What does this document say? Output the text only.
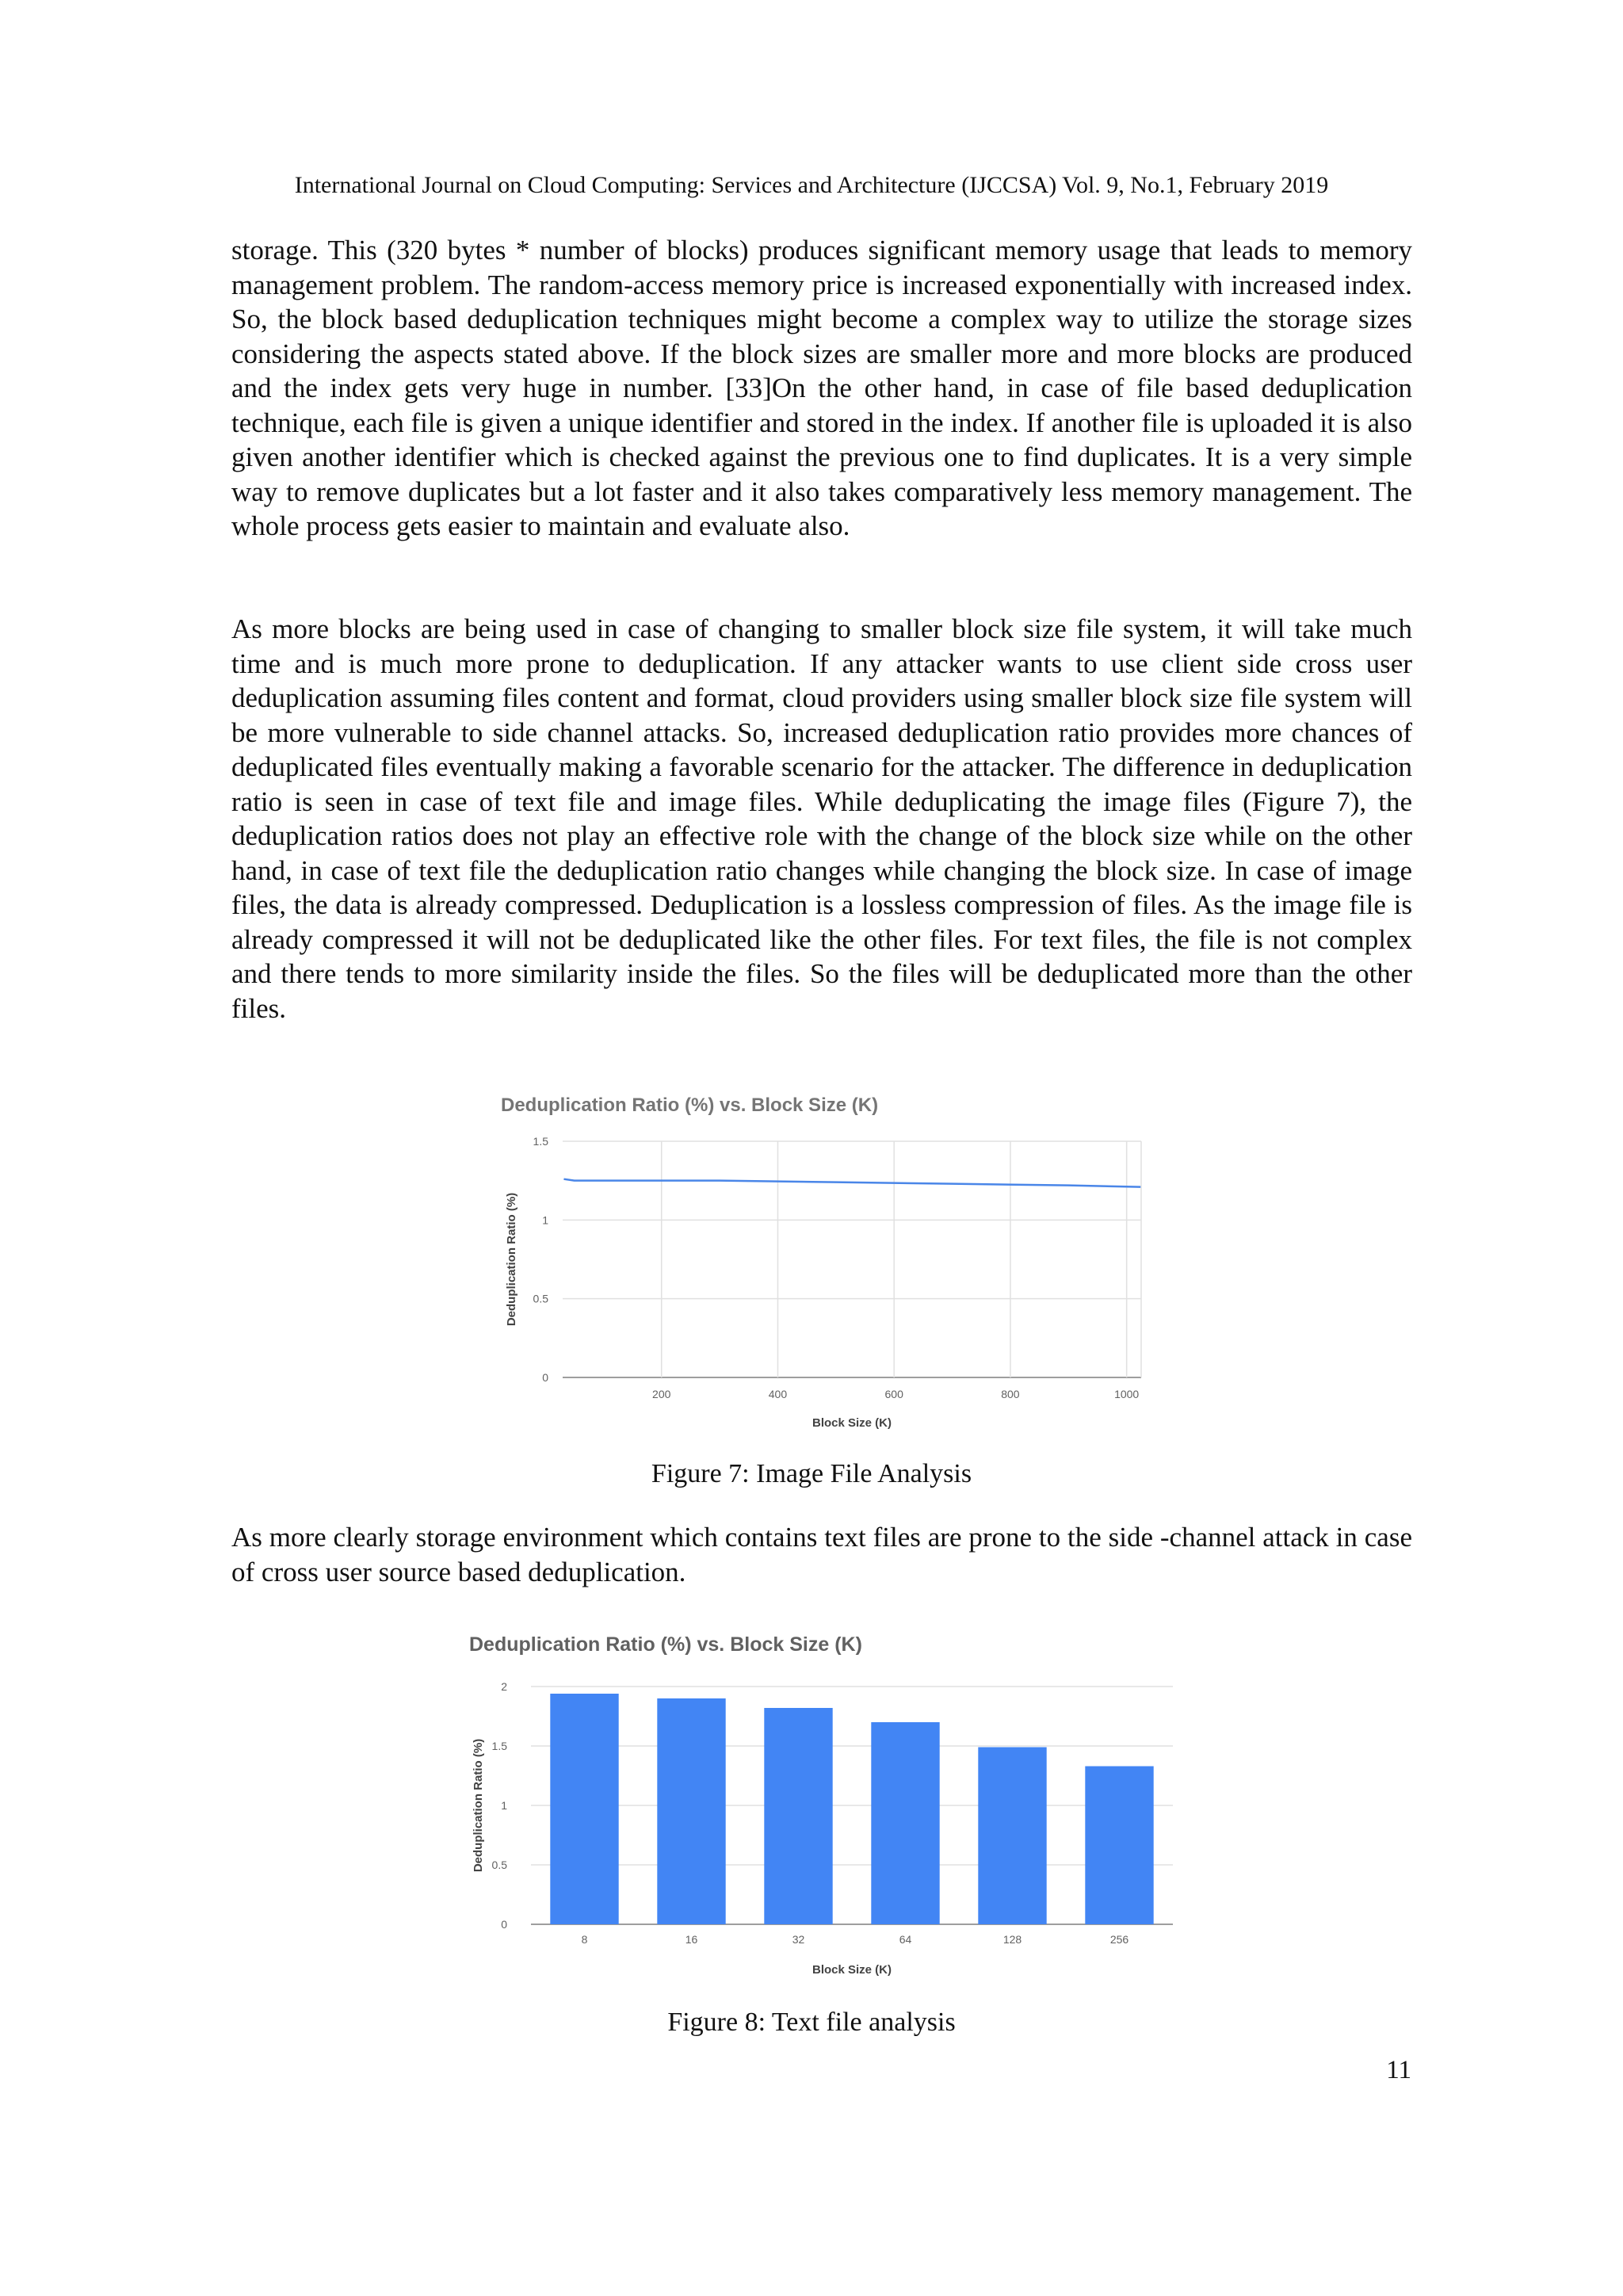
International Journal on Cloud Computing: Services and Architecture (IJCCSA) Vol. 9, No.1, February 2019

storage. This (320 bytes * number of blocks) produces significant memory usage that leads to memory management problem. The random-access memory price is increased exponentially with increased index. So, the block based deduplication techniques might become a complex way to utilize the storage sizes considering the aspects stated above. If the block sizes are smaller more and more blocks are produced and the index gets very huge in number. [33]On the other hand, in case of file based deduplication technique, each file is given a unique identifier and stored in the index. If another file is uploaded it is also given another identifier which is checked against the previous one to find duplicates. It is a very simple way to remove duplicates but a lot faster and it also takes comparatively less memory management. The whole process gets easier to maintain and evaluate also.

As more blocks are being used in case of changing to smaller block size file system, it will take much time and is much more prone to deduplication. If any attacker wants to use client side cross user deduplication assuming files content and format, cloud providers using smaller block size file system will be more vulnerable to side channel attacks. So, increased deduplication ratio provides more chances of deduplicated files eventually making a favorable scenario for the attacker. The difference in deduplication ratio is seen in case of text file and image files. While deduplicating the image files (Figure 7), the deduplication ratios does not play an effective role with the change of the block size while on the other hand, in case of text file the deduplication ratio changes while changing the block size. In case of image files, the data is already compressed. Deduplication is a lossless compression of files. As the image file is already compressed it will not be deduplicated like the other files. For text files, the file is not complex and there tends to more similarity inside the files. So the files will be deduplicated more than the other files.

Deduplication Ratio (%) vs. Block Size (K)
0
0.5
1
1.5
200	400	600	800	1000
Block Size (K)
Deduplication Ratio (%)
Figure 7: Image File Analysis

As more clearly storage environment which contains text files are prone to the side -channel attack in case of cross user source based deduplication.

Deduplication Ratio (%) vs. Block Size (K)
0
0.5
1
1.5
2
8	16	32	64	128	256
Block Size (K)
Deduplication Ratio (%)
Figure 8: Text file analysis
11
